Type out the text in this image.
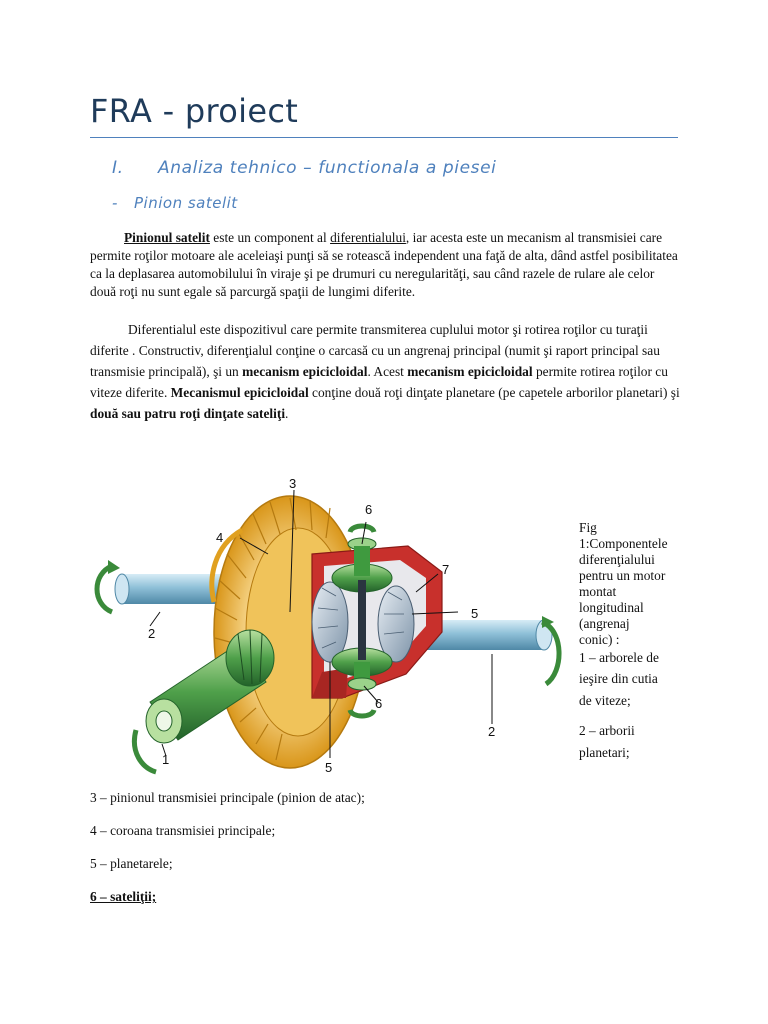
FRA - proiect
I. Analiza tehnico – functionala a piesei
- Pinion satelit

Pinionul satelit este un component al diferentialului, iar acesta este un mecanism al transmisiei care permite roţilor motoare ale aceleiaşi punţi să se rotească independent una faţă de alta, dând astfel posibilitatea ca la deplasarea automobilului în viraje şi pe drumuri cu neregularităţi, sau când razele de rulare ale celor două roţi nu sunt egale să parcurgă spaţii de lungimi diferite.

Diferentialul este dispozitivul care permite transmiterea cuplului motor şi rotirea roţilor cu turaţii diferite . Constructiv, diferenţialul conţine o carcasă cu un angrenaj principal (numit şi raport principal sau transmisie principală), şi un mecanism epicicloidal. Acest mecanism epicicloidal permite rotirea roţilor cu viteze diferite. Mecanismul epicicloidal conţine două roţi dinţate planetare (pe capetele arborilor planetari) şi două sau patru roţi dinţate sateliţi.

3
4
6
7
5
2
2
6
1
5
Fig
1:Componentele
diferenţialului
pentru un motor
montat
longitudinal
(angrenaj
conic) :
1 – arborele de
ieşire din cutia
de viteze;
2 – arborii
planetari;
3 – pinionul transmisiei principale (pinion de atac);
4 – coroana transmisiei principale;
5 – planetarele;
6 – sateliţii;
